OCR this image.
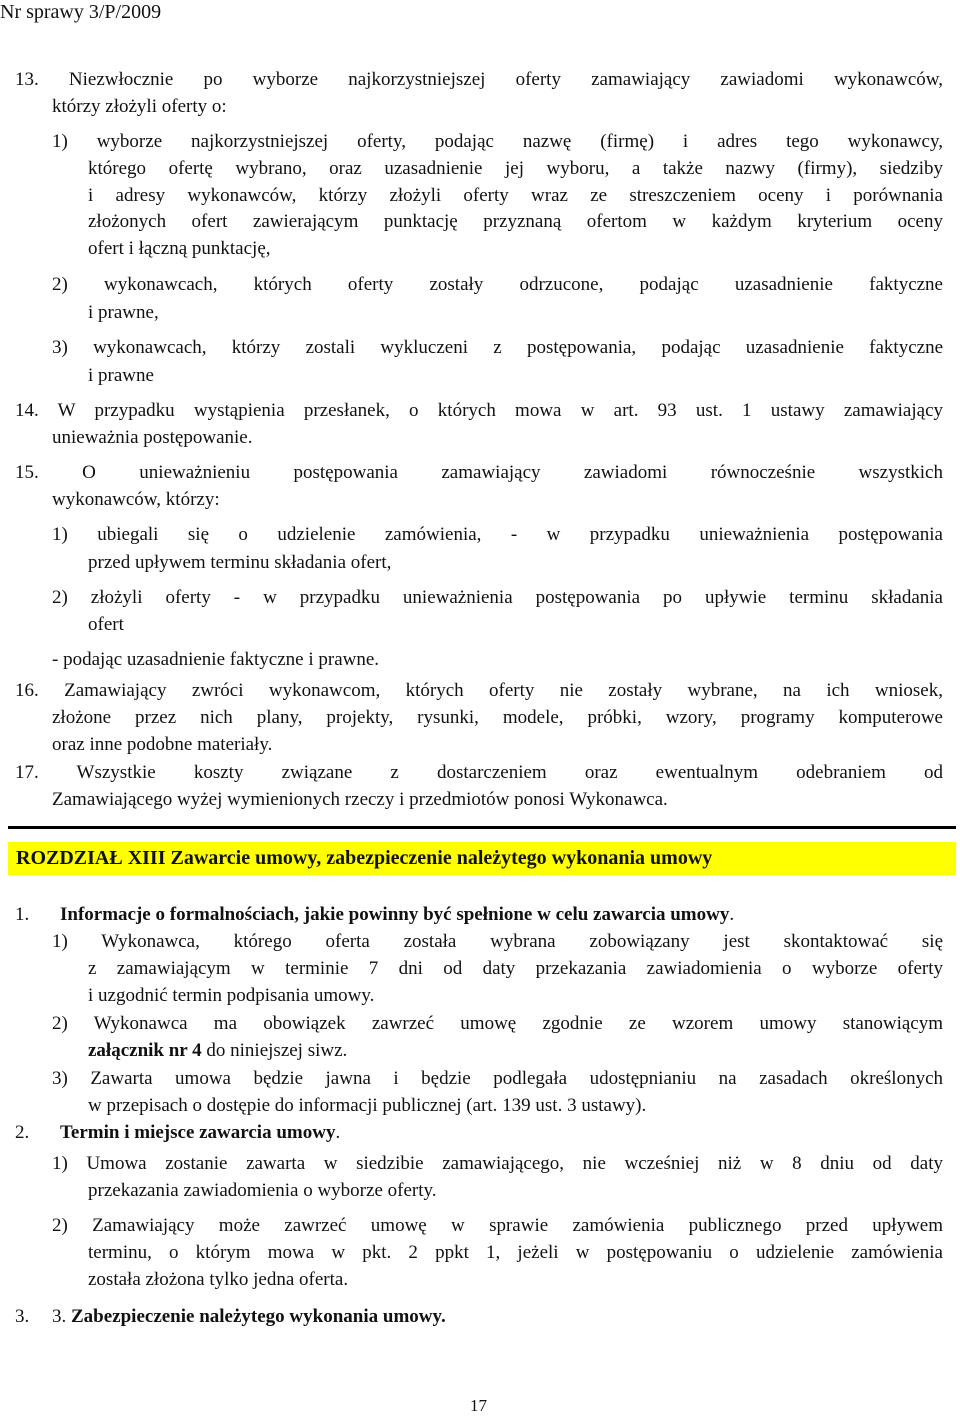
Nr sprawy 3/P/2009
13. Niezwłocznie po wyborze najkorzystniejszej oferty zamawiający zawiadomi wykonawców,
którzy złożyli oferty o:
1) wyborze najkorzystniejszej oferty, podając nazwę (firmę) i adres tego wykonawcy,
którego ofertę wybrano, oraz uzasadnienie jej wyboru, a także nazwy (firmy), siedziby
i adresy wykonawców, którzy złożyli oferty wraz ze streszczeniem oceny i porównania
złożonych ofert zawierającym punktację przyznaną ofertom w każdym kryterium oceny
ofert i łączną punktację,
2) wykonawcach, których oferty zostały odrzucone, podając uzasadnienie faktyczne
i prawne,
3) wykonawcach, którzy zostali wykluczeni z postępowania, podając uzasadnienie faktyczne
i prawne
14. W przypadku wystąpienia przesłanek, o których mowa w art. 93 ust. 1 ustawy zamawiający
unieważnia postępowanie.
15. O unieważnieniu postępowania zamawiający zawiadomi równocześnie wszystkich
wykonawców, którzy:
1) ubiegali się o udzielenie zamówienia, - w przypadku unieważnienia postępowania
przed upływem terminu składania ofert,
2) złożyli oferty - w przypadku unieważnienia postępowania po upływie terminu składania
ofert
- podając uzasadnienie faktyczne i prawne.
16. Zamawiający zwróci wykonawcom, których oferty nie zostały wybrane, na ich wniosek,
złożone przez nich plany, projekty, rysunki, modele, próbki, wzory, programy komputerowe
oraz inne podobne materiały.
17. Wszystkie koszty związane z dostarczeniem oraz ewentualnym odebraniem od
Zamawiającego wyżej wymienionych rzeczy i przedmiotów ponosi Wykonawca.
ROZDZIAŁ XIII Zawarcie umowy, zabezpieczenie należytego wykonania umowy
1. Informacje o formalnościach, jakie powinny być spełnione w celu zawarcia umowy.
1) Wykonawca, którego oferta została wybrana zobowiązany jest skontaktować się
z zamawiającym w terminie 7 dni od daty przekazania zawiadomienia o wyborze oferty
i uzgodnić termin podpisania umowy.
2) Wykonawca ma obowiązek zawrzeć umowę zgodnie ze wzorem umowy stanowiącym
załącznik nr 4 do niniejszej siwz.
3) Zawarta umowa będzie jawna i będzie podlegała udostępnianiu na zasadach określonych
w przepisach o dostępie do informacji publicznej (art. 139 ust. 3 ustawy).
2. Termin i miejsce zawarcia umowy.
1) Umowa zostanie zawarta w siedzibie zamawiającego, nie wcześniej niż w 8 dniu od daty
przekazania zawiadomienia o wyborze oferty.
2) Zamawiający może zawrzeć umowę w sprawie zamówienia publicznego przed upływem
terminu, o którym mowa w pkt. 2 ppkt 1, jeżeli w postępowaniu o udzielenie zamówienia
została złożona tylko jedna oferta.
3. 3. Zabezpieczenie należytego wykonania umowy.
17
